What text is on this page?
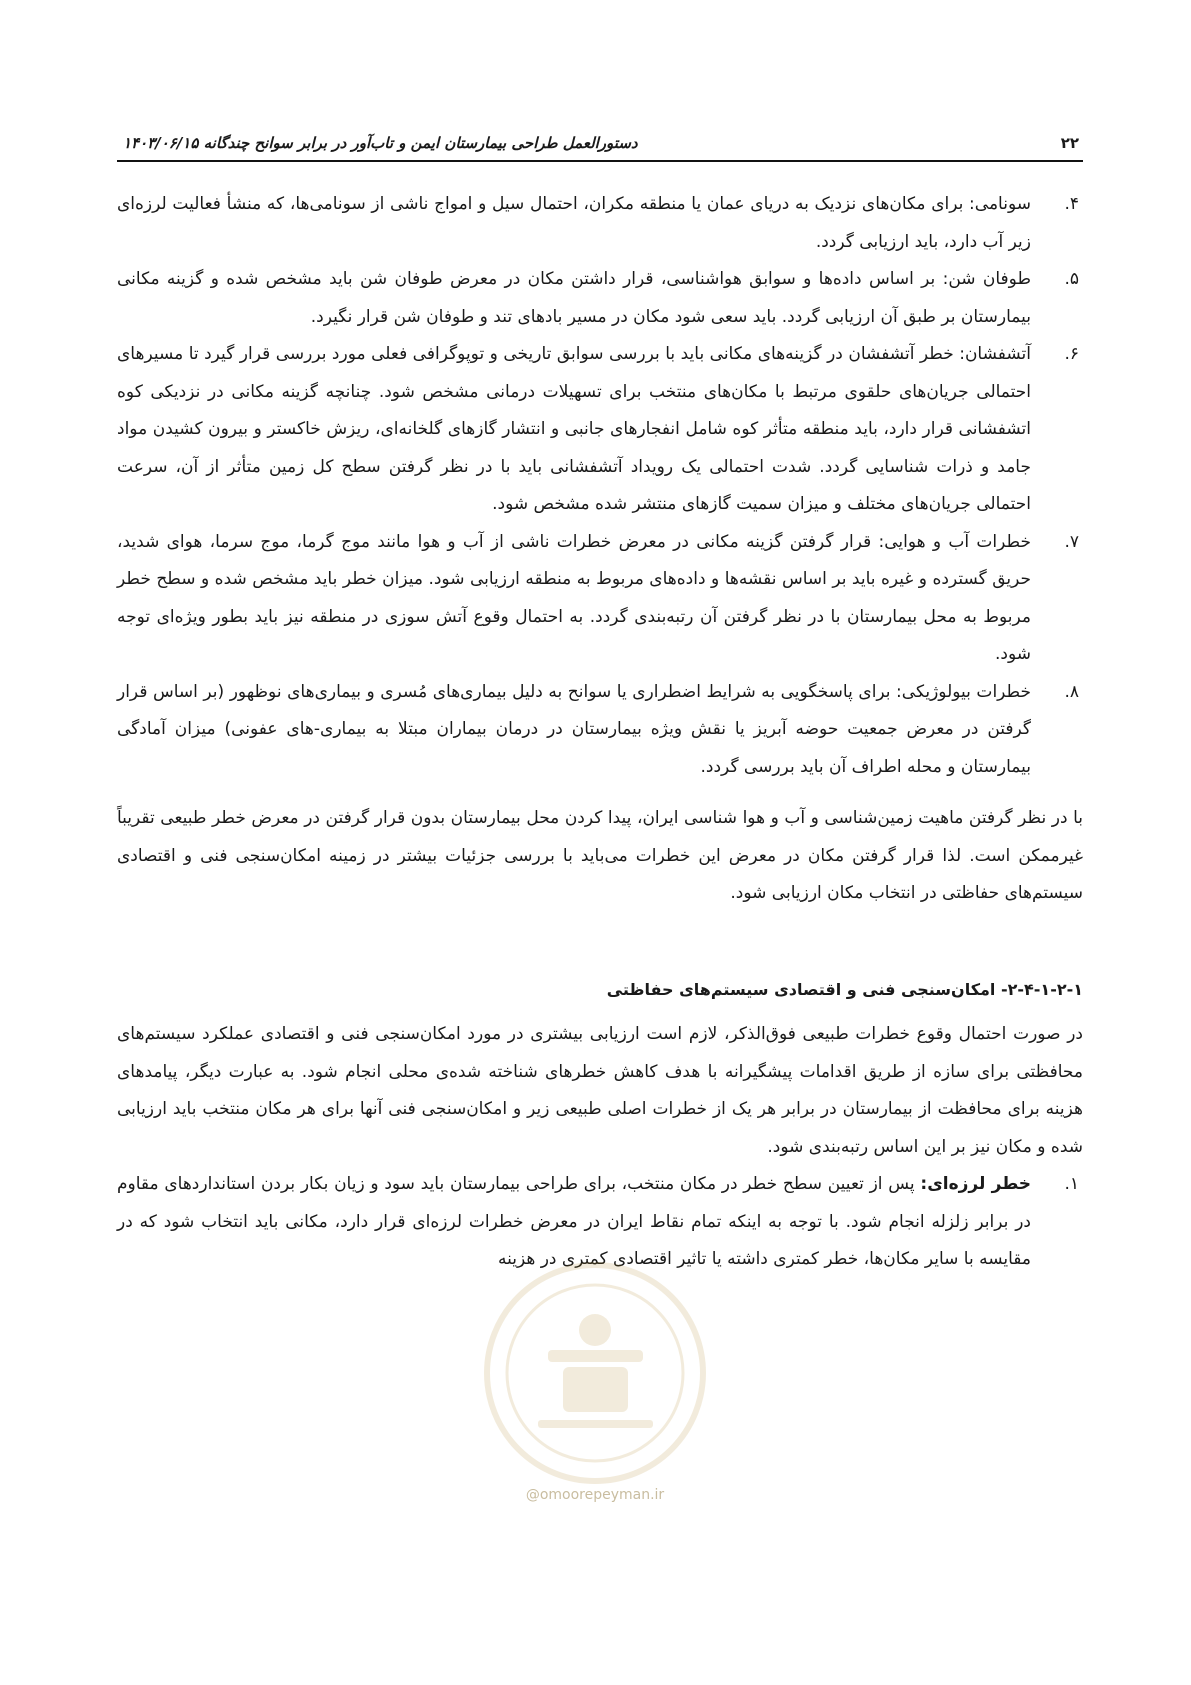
۲۲
دستورالعمل طراحی بیمارستان ایمن و تاب‌آور در برابر سوانح چندگانه ۱۴۰۳/۰۶/۱۵
۴.
سونامی: برای مکان‌های نزدیک به دریای عمان یا منطقه مکران، احتمال سیل و امواج ناشی از سونامی‌ها، که منشأ فعالیت لرزه‌ای زیر آب دارد، باید ارزیابی گردد.
۵.
طوفان شن: بر اساس داده‌ها و سوابق هواشناسی، قرار داشتن مکان در معرض طوفان شن باید مشخص شده و گزینه مکانی بیمارستان بر طبق آن ارزیابی گردد. باید سعی شود مکان در مسیر بادهای تند و طوفان شن قرار نگیرد.
۶.
آتشفشان: خطر آتشفشان در گزینه‌های مکانی باید با بررسی سوابق تاریخی و توپوگرافی فعلی مورد بررسی قرار گیرد تا مسیرهای احتمالی جریان‌های حلقوی مرتبط با مکان‌های منتخب برای تسهیلات درمانی مشخص شود. چنانچه گزینه مکانی در نزدیکی کوه اتشفشانی قرار دارد، باید منطقه متأثر کوه شامل انفجارهای جانبی و انتشار گازهای گلخانه‌ای، ریزش خاکستر و بیرون کشیدن مواد جامد و ذرات شناسایی گردد. شدت احتمالی یک رویداد آتشفشانی باید با در نظر گرفتن سطح کل زمین متأثر از آن، سرعت احتمالی جریان‌های مختلف و میزان سمیت گازهای منتشر شده مشخص شود.
۷.
خطرات آب و هوایی: قرار گرفتن گزینه مکانی در معرض خطرات ناشی از آب و هوا مانند موج گرما، موج سرما، هوای شدید، حریق گسترده و غیره باید بر اساس نقشه‌ها و داده‌های مربوط به منطقه ارزیابی شود. میزان خطر باید مشخص شده و سطح خطر مربوط به محل بیمارستان با در نظر گرفتن آن رتبه‌بندی گردد. به احتمال وقوع آتش سوزی در منطقه نیز باید بطور ویژه‌ای توجه شود.
۸.
خطرات بیولوژیکی: برای پاسخگویی به شرایط اضطراری یا سوانح به دلیل بیماری‌های مُسری و بیماری‌های نوظهور (بر اساس قرار گرفتن در معرض جمعیت حوضه آبریز یا نقش ویژه بیمارستان در درمان بیماران مبتلا به بیماری-های عفونی) میزان آمادگی بیمارستان و محله اطراف آن باید بررسی گردد.

با در نظر گرفتن ماهیت زمین‌شناسی و آب و هوا شناسی ایران، پیدا کردن محل بیمارستان بدون قرار گرفتن در معرض خطر طبیعی تقریباً غیرممکن است. لذا قرار گرفتن مکان در معرض این خطرات می‌باید با بررسی جزئیات بیشتر در زمینه امکان‌سنجی فنی و اقتصادی سیستم‌های حفاظتی در انتخاب مکان ارزیابی شود.

۲-۴-۱-۲-۱- امکان‌سنجی فنی و اقتصادی سیستم‌های حفاظتی

در صورت احتمال وقوع خطرات طبیعی فوق‌الذکر، لازم است ارزیابی بیشتری در مورد امکان‌سنجی فنی و اقتصادی عملکرد سیستم‌های محافظتی برای سازه از طریق اقدامات پیشگیرانه با هدف کاهش خطرهای شناخته شده‌ی محلی انجام شود. به عبارت دیگر، پیامدهای هزینه برای محافظت از بیمارستان در برابر هر یک از خطرات اصلی طبیعی زیر و امکان‌سنجی فنی آنها برای هر مکان منتخب باید ارزیابی شده و مکان نیز بر این اساس رتبه‌بندی شود.

۱.
خطر لرزه‌ای: پس از تعیین سطح خطر در مکان منتخب، برای طراحی بیمارستان باید سود و زیان بکار بردن استانداردهای مقاوم در برابر زلزله انجام شود. با توجه به اینکه تمام نقاط ایران در معرض خطرات لرزه‌ای قرار دارد، مکانی باید انتخاب شود که در مقایسه با سایر مکان‌ها، خطر کمتری داشته یا تاثیر اقتصادی کمتری در هزینه
@omoorepeyman.ir
